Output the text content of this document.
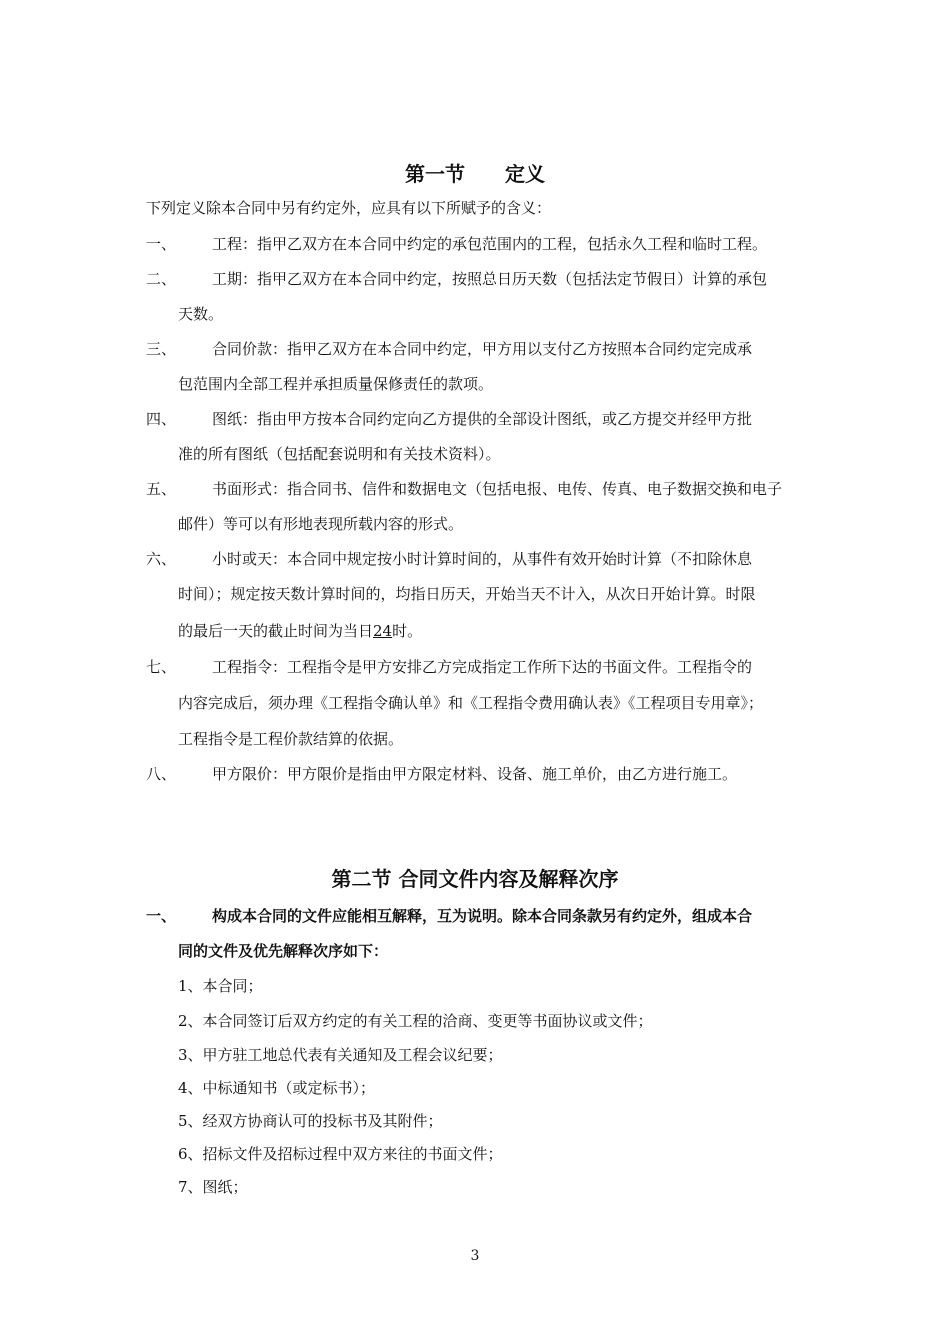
第一节　　定义
下列定义除本合同中另有约定外，应具有以下所赋予的含义：
一、 工程：指甲乙双方在本合同中约定的承包范围内的工程，包括永久工程和临时工程。
二、 工期：指甲乙双方在本合同中约定，按照总日历天数（包括法定节假日）计算的承包
天数。
三、 合同价款：指甲乙双方在本合同中约定，甲方用以支付乙方按照本合同约定完成承
包范围内全部工程并承担质量保修责任的款项。
四、 图纸：指由甲方按本合同约定向乙方提供的全部设计图纸，或乙方提交并经甲方批
准的所有图纸（包括配套说明和有关技术资料）。
五、 书面形式：指合同书、信件和数据电文（包括电报、电传、传真、电子数据交换和电子
邮件）等可以有形地表现所载内容的形式。
六、 小时或天：本合同中规定按小时计算时间的，从事件有效开始时计算（不扣除休息
时间）；规定按天数计算时间的，均指日历天，开始当天不计入，从次日开始计算。时限
的最后一天的截止时间为当日24时。
七、 工程指令：工程指令是甲方安排乙方完成指定工作所下达的书面文件。工程指令的
内容完成后，须办理《工程指令确认单》和《工程指令费用确认表》《工程项目专用章》；
工程指令是工程价款结算的依据。
八、 甲方限价：甲方限价是指由甲方限定材料、设备、施工单价，由乙方进行施工。
第二节 合同文件内容及解释次序
一、 构成本合同的文件应能相互解释，互为说明。除本合同条款另有约定外，组成本合
同的文件及优先解释次序如下：
1、本合同；
2、本合同签订后双方约定的有关工程的洽商、变更等书面协议或文件；
3、甲方驻工地总代表有关通知及工程会议纪要；
4、中标通知书（或定标书）；
5、经双方协商认可的投标书及其附件；
6、招标文件及招标过程中双方来往的书面文件；
7、图纸；
3
